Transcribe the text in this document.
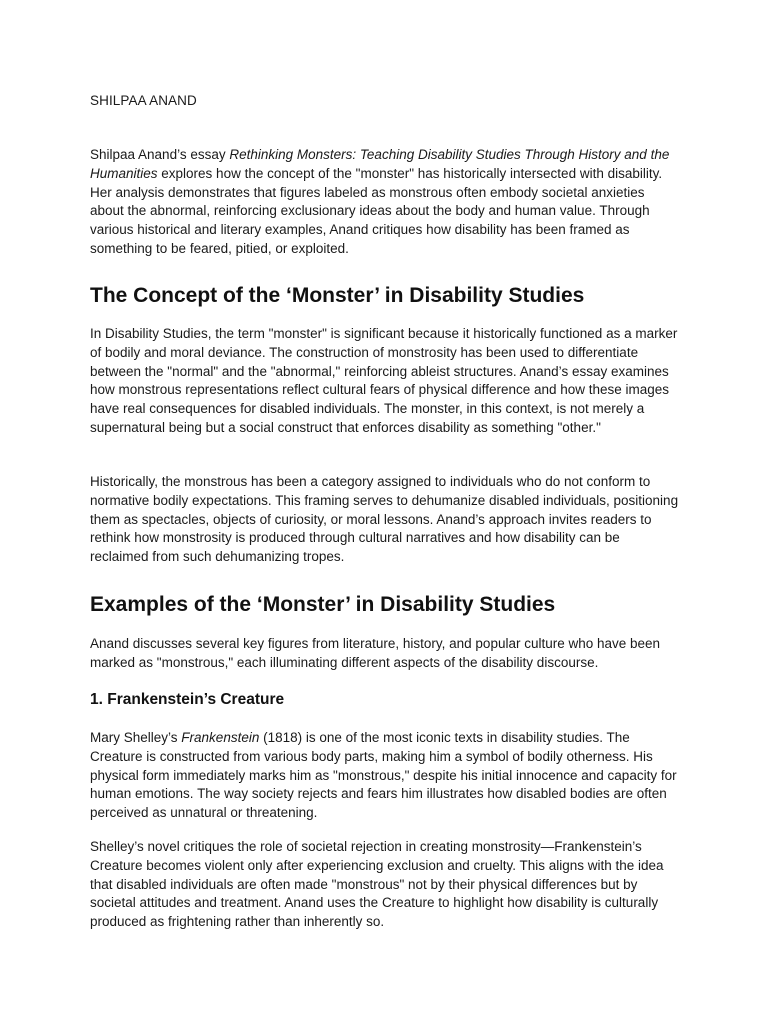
SHILPAA ANAND

Shilpaa Anand’s essay Rethinking Monsters: Teaching Disability Studies Through History and the Humanities explores how the concept of the "monster" has historically intersected with disability. Her analysis demonstrates that figures labeled as monstrous often embody societal anxieties about the abnormal, reinforcing exclusionary ideas about the body and human value. Through various historical and literary examples, Anand critiques how disability has been framed as something to be feared, pitied, or exploited.

The Concept of the ‘Monster’ in Disability Studies

In Disability Studies, the term "monster" is significant because it historically functioned as a marker of bodily and moral deviance. The construction of monstrosity has been used to differentiate between the "normal" and the "abnormal," reinforcing ableist structures. Anand’s essay examines how monstrous representations reflect cultural fears of physical difference and how these images have real consequences for disabled individuals. The monster, in this context, is not merely a supernatural being but a social construct that enforces disability as something "other."

Historically, the monstrous has been a category assigned to individuals who do not conform to normative bodily expectations. This framing serves to dehumanize disabled individuals, positioning them as spectacles, objects of curiosity, or moral lessons. Anand’s approach invites readers to rethink how monstrosity is produced through cultural narratives and how disability can be reclaimed from such dehumanizing tropes.

Examples of the ‘Monster’ in Disability Studies

Anand discusses several key figures from literature, history, and popular culture who have been marked as "monstrous," each illuminating different aspects of the disability discourse.

1. Frankenstein’s Creature

Mary Shelley’s Frankenstein (1818) is one of the most iconic texts in disability studies. The Creature is constructed from various body parts, making him a symbol of bodily otherness. His physical form immediately marks him as "monstrous," despite his initial innocence and capacity for human emotions. The way society rejects and fears him illustrates how disabled bodies are often perceived as unnatural or threatening.

Shelley’s novel critiques the role of societal rejection in creating monstrosity—Frankenstein’s Creature becomes violent only after experiencing exclusion and cruelty. This aligns with the idea that disabled individuals are often made "monstrous" not by their physical differences but by societal attitudes and treatment. Anand uses the Creature to highlight how disability is culturally produced as frightening rather than inherently so.
